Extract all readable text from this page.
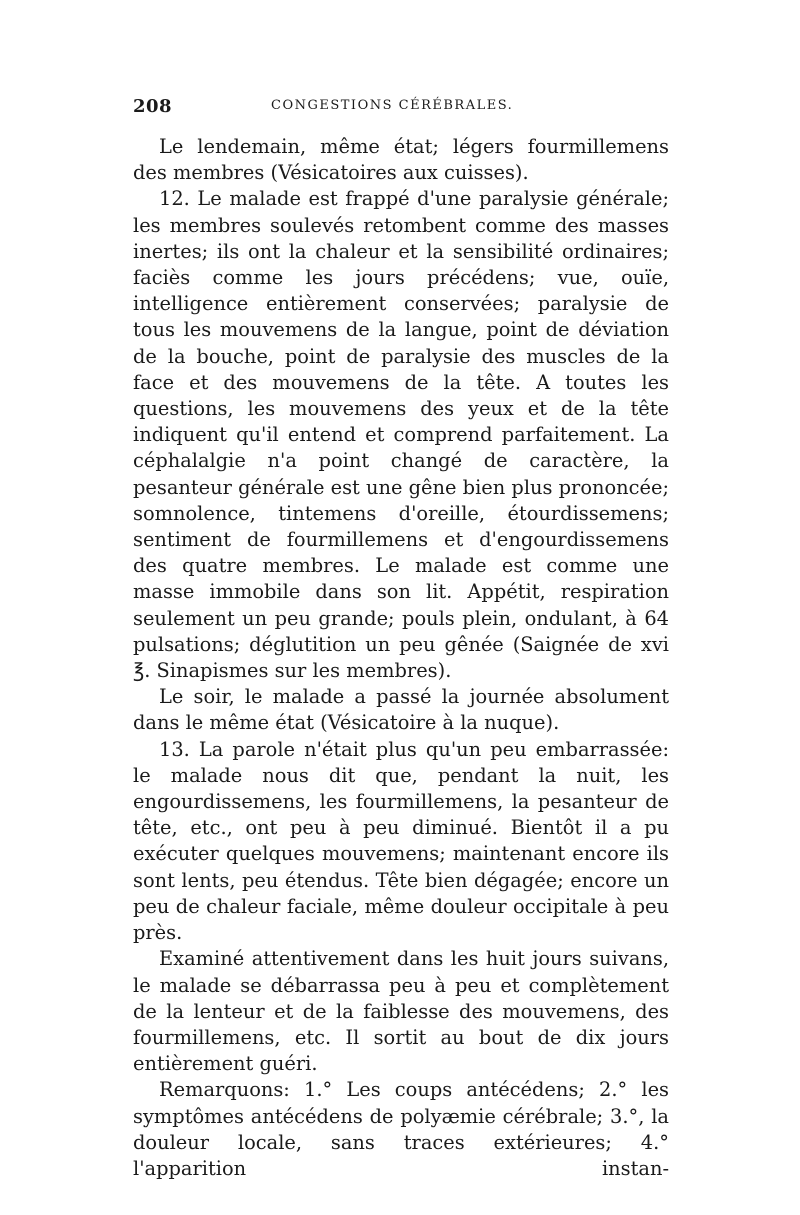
208	CONGESTIONS CÉRÉBRALES.

Le lendemain, même état; légers fourmillemens des membres (Vésicatoires aux cuisses).

12. Le malade est frappé d'une paralysie générale; les membres soulevés retombent comme des masses inertes; ils ont la chaleur et la sensibilité ordinaires; faciès comme les jours précédens; vue, ouïe, intelligence entièrement conservées; paralysie de tous les mouvemens de la langue, point de déviation de la bouche, point de paralysie des muscles de la face et des mouvemens de la tête. A toutes les questions, les mouvemens des yeux et de la tête indiquent qu'il entend et comprend parfaitement. La céphalalgie n'a point changé de caractère, la pesanteur générale est une gêne bien plus prononcée; somnolence, tintemens d'oreille, étourdissemens; sentiment de fourmillemens et d'engourdissemens des quatre membres. Le malade est comme une masse immobile dans son lit. Appétit, respiration seulement un peu grande; pouls plein, ondulant, à 64 pulsations; déglutition un peu gênée (Saignée de xvi ℥. Sinapismes sur les membres).

Le soir, le malade a passé la journée absolument dans le même état (Vésicatoire à la nuque).

13. La parole n'était plus qu'un peu embarrassée: le malade nous dit que, pendant la nuit, les engourdissemens, les fourmillemens, la pesanteur de tête, etc., ont peu à peu diminué. Bientôt il a pu exécuter quelques mouvemens; maintenant encore ils sont lents, peu étendus. Tête bien dégagée; encore un peu de chaleur faciale, même douleur occipitale à peu près.

Examiné attentivement dans les huit jours suivans, le malade se débarrassa peu à peu et complètement de la lenteur et de la faiblesse des mouvemens, des fourmillemens, etc. Il sortit au bout de dix jours entièrement guéri.

Remarquons: 1.° Les coups antécédens; 2.° les symptômes antécédens de polyæmie cérébrale; 3.°, la douleur locale, sans traces extérieures; 4.° l'apparition instan-
